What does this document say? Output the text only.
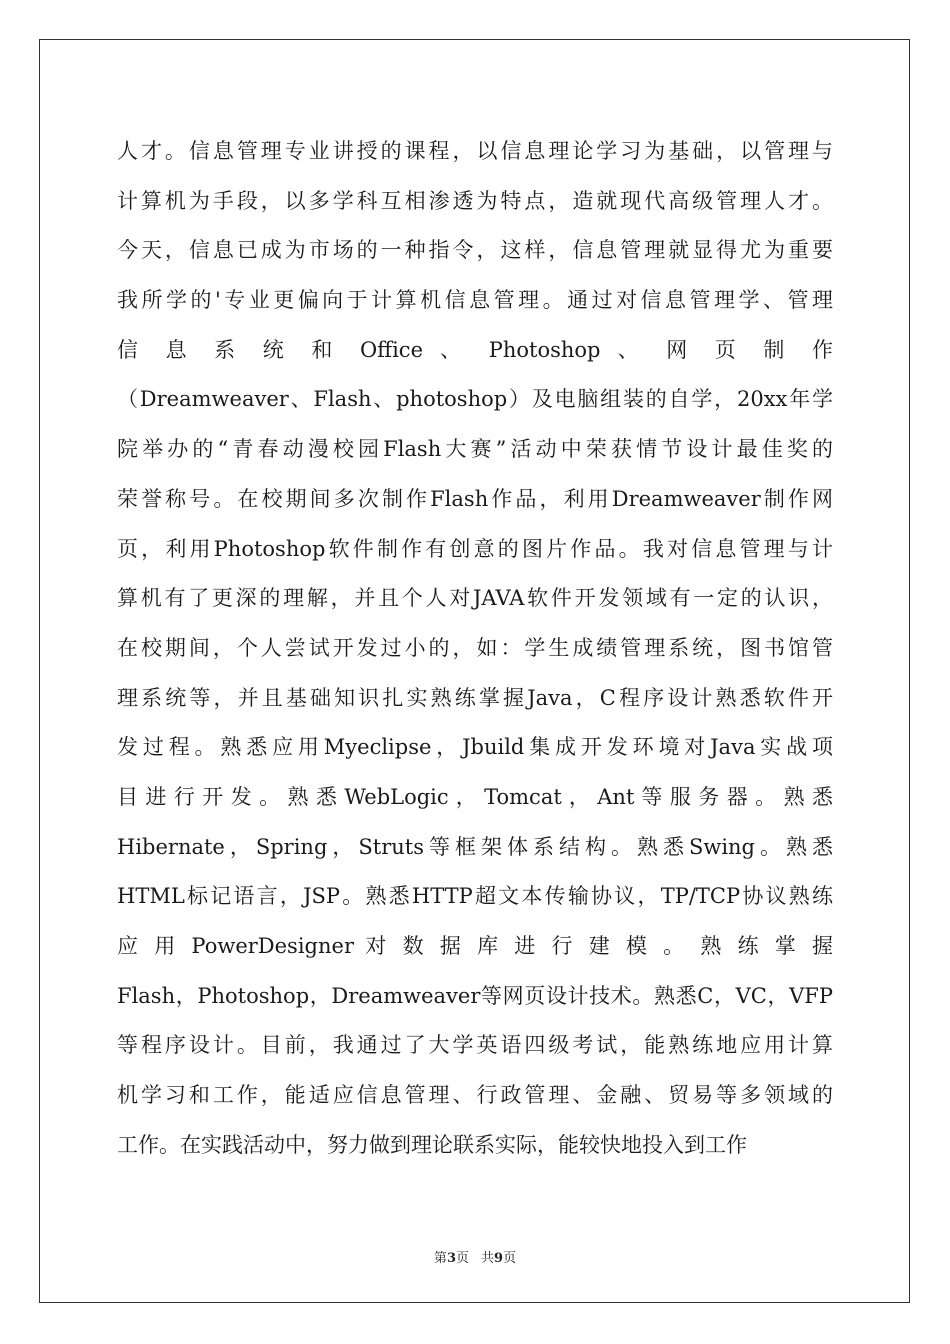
人才。信息管理专业讲授的课程，以信息理论学习为基础，以管理与
计算机为手段，以多学科互相渗透为特点，造就现代高级管理人才。
今天，信息已成为市场的一种指令，这样，信息管理就显得尤为重要
我所学的'专业更偏向于计算机信息管理。通过对信息管理学、管理
信 息 系 统 和 Office 、 Photoshop 、 网 页 制 作
（Dreamweaver、Flash、photoshop）及电脑组装的自学，20xx年学
院举办的“青春动漫校园Flash大赛”活动中荣获情节设计最佳奖的
荣誉称号。在校期间多次制作Flash作品，利用Dreamweaver制作网
页，利用Photoshop软件制作有创意的图片作品。我对信息管理与计
算机有了更深的理解，并且个人对JAVA软件开发领域有一定的认识，
在校期间，个人尝试开发过小的，如：学生成绩管理系统，图书馆管
理系统等，并且基础知识扎实熟练掌握Java，C程序设计熟悉软件开
发过程。熟悉应用Myeclipse，Jbuild集成开发环境对Java实战项
目 进 行 开 发 。 熟 悉 WebLogic ， Tomcat ， Ant 等 服 务 器 。 熟 悉
Hibernate，Spring，Struts等框架体系结构。熟悉Swing。熟悉
HTML标记语言，JSP。熟悉HTTP超文本传输协议，TP/TCP协议熟练
应 用 PowerDesigner 对 数 据 库 进 行 建 模 。 熟 练 掌 握
Flash，Photoshop，Dreamweaver等网页设计技术。熟悉C，VC，VFP
等程序设计。目前，我通过了大学英语四级考试，能熟练地应用计算
机学习和工作，能适应信息管理、行政管理、金融、贸易等多领域的
工作。在实践活动中，努力做到理论联系实际，能较快地投入到工作
第3页 共9页
